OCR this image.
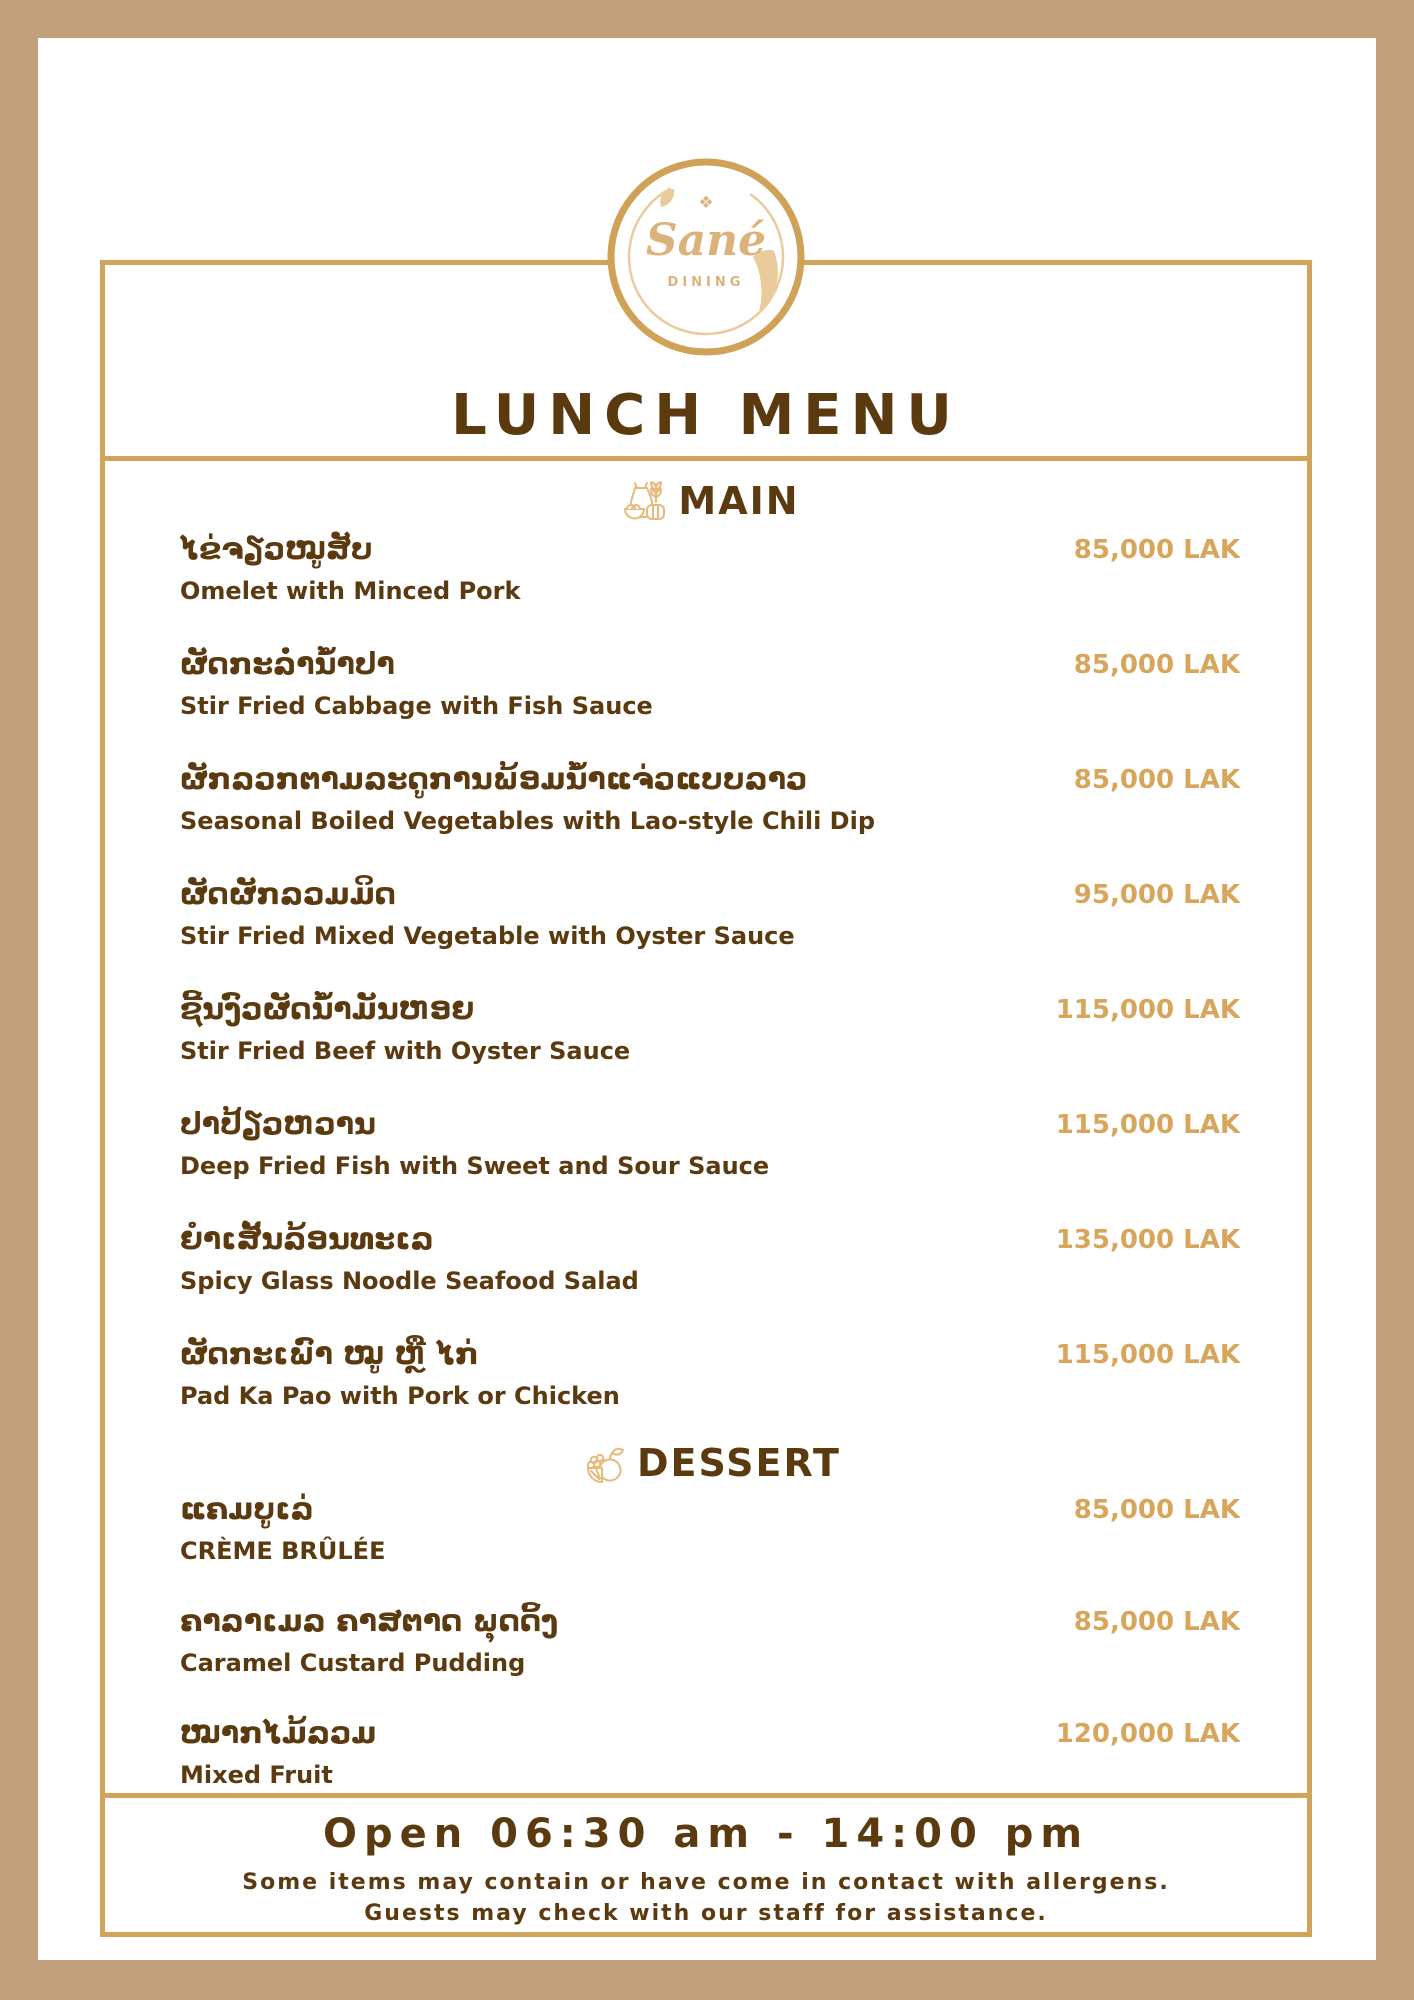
❖
Sané
DINING
LUNCH MENU
MAIN
ໄຂ່ຈຽວໝູສັບ
Omelet with Minced Pork
85,000 LAK
ຜັດກະລ່ຳນ້ຳປາ
Stir Fried Cabbage with Fish Sauce
85,000 LAK
ຜັກລວກຕາມລະດູການພ້ອມນ້ຳແຈ່ວແບບລາວ
Seasonal Boiled Vegetables with Lao-style Chili Dip
85,000 LAK
ຜັດຜັກລວມມິດ
Stir Fried Mixed Vegetable with Oyster Sauce
95,000 LAK
ຊີ້ນງົວຜັດນ້ຳມັນຫອຍ
Stir Fried Beef with Oyster Sauce
115,000 LAK
ປາປ້ຽວຫວານ
Deep Fried Fish with Sweet and Sour Sauce
115,000 LAK
ຍຳເສັ້ນລ້ອນທະເລ
Spicy Glass Noodle Seafood Salad
135,000 LAK
ຜັດກະເພົາ ໝູ ຫຼື ໄກ່
Pad Ka Pao with Pork or Chicken
115,000 LAK
DESSERT
ແຄມບູເລ່
CRÈME BRÛLÉE
85,000 LAK
ຄາລາເມລ ຄາສຕາດ ພຸດດິ້ງ
Caramel Custard Pudding
85,000 LAK
ໝາກໄມ້ລວມ
Mixed Fruit
120,000 LAK
Open 06:30 am - 14:00 pm
Some items may contain or have come in contact with allergens.
Guests may check with our staff for assistance.
